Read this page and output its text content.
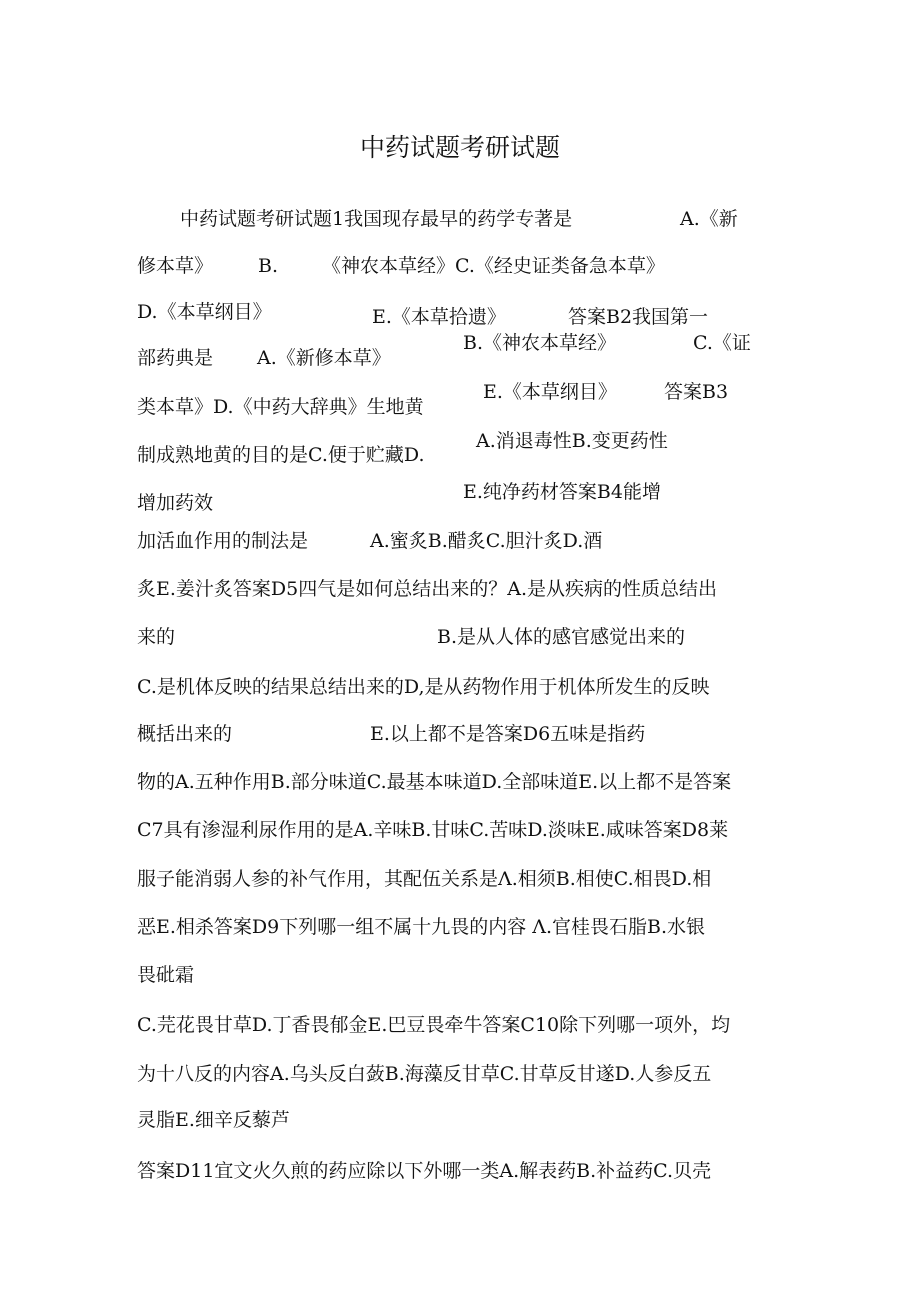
中药试题考研试题
中药试题考研试题1我国现存最早的药学专著是	A.《新
修本草》 B. 《神农本草经》C.《经史证类备急本草》
D.《本草纲目》	E.《本草拾遗》	答案B2我国第一
B.《神农本草经》	C.《证
部药典是 A.《新修本草》
E.《本草纲目》 答案B3
类本草》D.《中药大辞典》生地黄
A.消退毒性B.变更药性
制成熟地黄的目的是C.便于贮藏D.
E.纯净药材答案B4能增
增加药效
加活血作用的制法是	A.蜜炙B.醋炙C.胆汁炙D.酒
炙E.姜汁炙答案D5四气是如何总结出来的？A.是从疾病的性质总结出
来的	B.是从人体的感官感觉出来的
C.是机体反映的结果总结出来的D,是从药物作用于机体所发生的反映
概括出来的	E.以上都不是答案D6五味是指药
物的A.五种作用B.部分味道C.最基本味道D.全部味道E.以上都不是答案
C7具有渗湿利尿作用的是A.辛味B.甘味C.苦味D.淡味E.咸味答案D8莱
服子能消弱人参的补气作用，其配伍关系是Λ.相须B.相使C.相畏D.相
恶E.相杀答案D9下列哪一组不属十九畏的内容 Λ.官桂畏石脂B.水银
畏砒霜
C.芫花畏甘草D.丁香畏郁金E.巴豆畏牵牛答案C10除下列哪一项外，均
为十八反的内容A.乌头反白蔹B.海藻反甘草C.甘草反甘遂D.人参反五
灵脂E.细辛反藜芦
答案D11宜文火久煎的药应除以下外哪一类A.解表药B.补益药C.贝壳
